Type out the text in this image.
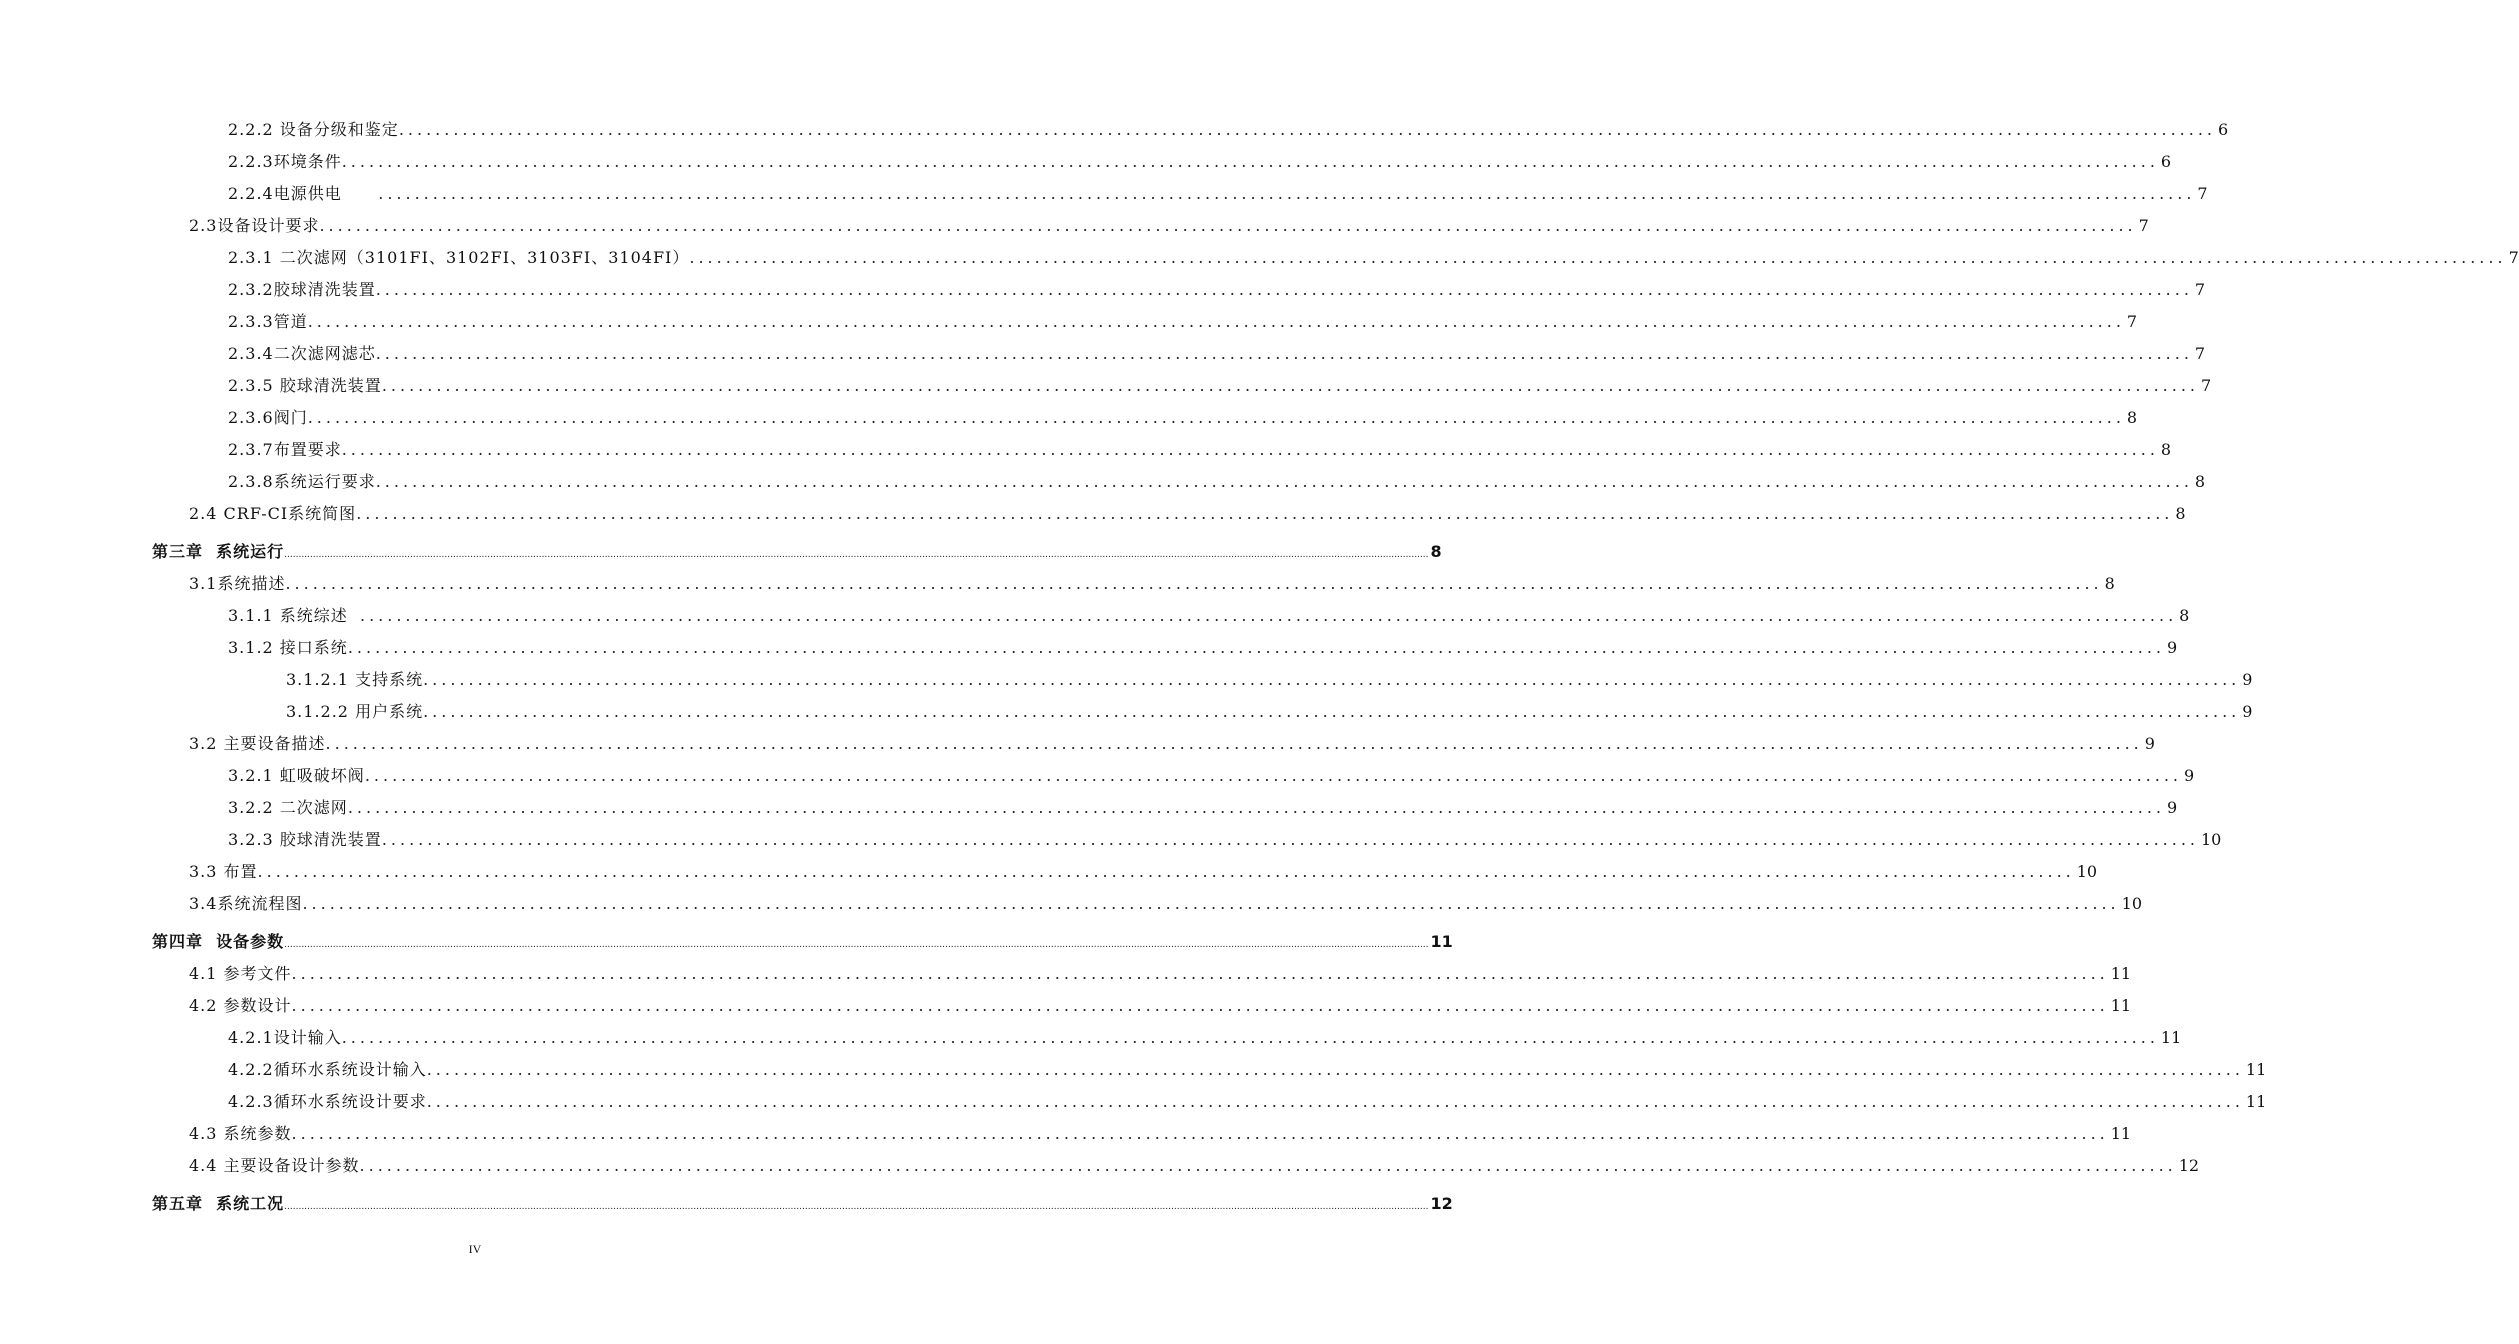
2.2.2 设备分级和鉴定 ........................................................................................................................................................................................................ 6
2.2.3环境条件 ........................................................................................................................................................................................................ 6
2.2.4电源供电 ........................................................................................................................................................................................................ 7
2.3设备设计要求 ........................................................................................................................................................................................................ 7
2.3.1 二次滤网（3101FI、3102FI、3103FI、3104FI） ........................................................................................................................................................................................................ 7
2.3.2胶球清洗装置 ........................................................................................................................................................................................................ 7
2.3.3管道 ........................................................................................................................................................................................................ 7
2.3.4二次滤网滤芯 ........................................................................................................................................................................................................ 7
2.3.5 胶球清洗装置 ........................................................................................................................................................................................................ 7
2.3.6阀门 ........................................................................................................................................................................................................ 8
2.3.7布置要求 ........................................................................................................................................................................................................ 8
2.3.8系统运行要求 ........................................................................................................................................................................................................ 8
2.4 CRF-CI系统简图 ........................................................................................................................................................................................................ 8
第三章  系统运行 ................................................................................................................................................................................................................................................................................................................................................................................................................ 8
3.1系统描述 ........................................................................................................................................................................................................ 8
3.1.1 系统综述 ........................................................................................................................................................................................................ 8
3.1.2 接口系统 ........................................................................................................................................................................................................ 9
3.1.2.1 支持系统 ........................................................................................................................................................................................................ 9
3.1.2.2 用户系统 ........................................................................................................................................................................................................ 9
3.2 主要设备描述 ........................................................................................................................................................................................................ 9
3.2.1 虹吸破坏阀 ........................................................................................................................................................................................................ 9
3.2.2 二次滤网 ........................................................................................................................................................................................................ 9
3.2.3 胶球清洗装置 ........................................................................................................................................................................................................ 10
3.3 布置 ........................................................................................................................................................................................................ 10
3.4系统流程图 ........................................................................................................................................................................................................ 10
第四章  设备参数 ................................................................................................................................................................................................................................................................................................................................................................................................................ 11
4.1 参考文件 ........................................................................................................................................................................................................ 11
4.2 参数设计 ........................................................................................................................................................................................................ 11
4.2.1设计输入 ........................................................................................................................................................................................................ 11
4.2.2循环水系统设计输入 ........................................................................................................................................................................................................ 11
4.2.3循环水系统设计要求 ........................................................................................................................................................................................................ 11
4.3 系统参数 ........................................................................................................................................................................................................ 11
4.4 主要设备设计参数 ........................................................................................................................................................................................................ 12
第五章  系统工况 ................................................................................................................................................................................................................................................................................................................................................................................................................ 12
IV
